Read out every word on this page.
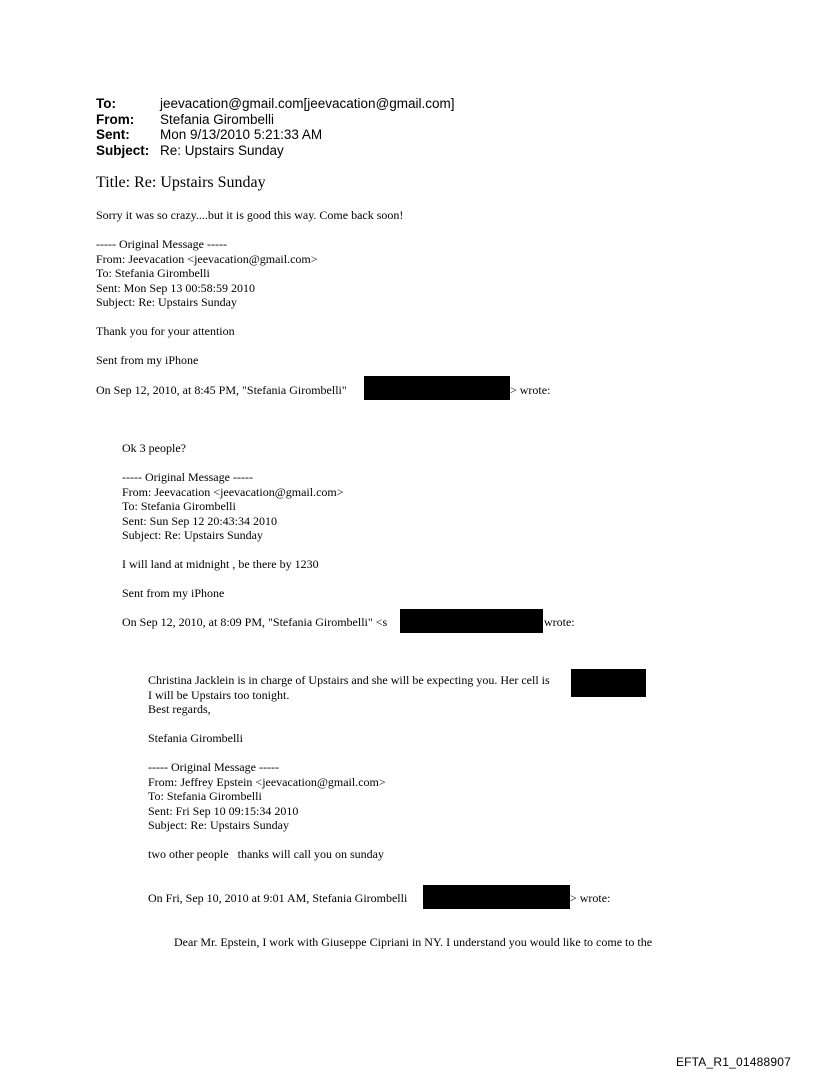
To:	jeevacation@gmail.com[jeevacation@gmail.com]
From:	Stefania Girombelli
Sent:	Mon 9/13/2010 5:21:33 AM
Subject: Re: Upstairs Sunday
Title: Re: Upstairs Sunday
Sorry it was so crazy....but it is good this way. Come back soon!
----- Original Message -----
From: Jeevacation <jeevacation@gmail.com>
To: Stefania Girombelli
Sent: Mon Sep 13 00:58:59 2010
Subject: Re: Upstairs Sunday
Thank you for your attention
Sent from my iPhone
On Sep 12, 2010, at 8:45 PM, "Stefania Girombelli"	> wrote:
Ok 3 people?
----- Original Message -----
From: Jeevacation <jeevacation@gmail.com>
To: Stefania Girombelli
Sent: Sun Sep 12 20:43:34 2010
Subject: Re: Upstairs Sunday
I will land at midnight , be there by 1230
Sent from my iPhone
On Sep 12, 2010, at 8:09 PM, "Stefania Girombelli" <s	wrote:
Christina Jacklein is in charge of Upstairs and she will be expecting you. Her cell is
I will be Upstairs too tonight.
Best regards,
Stefania Girombelli
----- Original Message -----
From: Jeffrey Epstein <jeevacation@gmail.com>
To: Stefania Girombelli
Sent: Fri Sep 10 09:15:34 2010
Subject: Re: Upstairs Sunday
two other people   thanks will call you on sunday
On Fri, Sep 10, 2010 at 9:01 AM, Stefania Girombelli	> wrote:
Dear Mr. Epstein, I work with Giuseppe Cipriani in NY. I understand you would like to come to the
EFTA_R1_01488907
